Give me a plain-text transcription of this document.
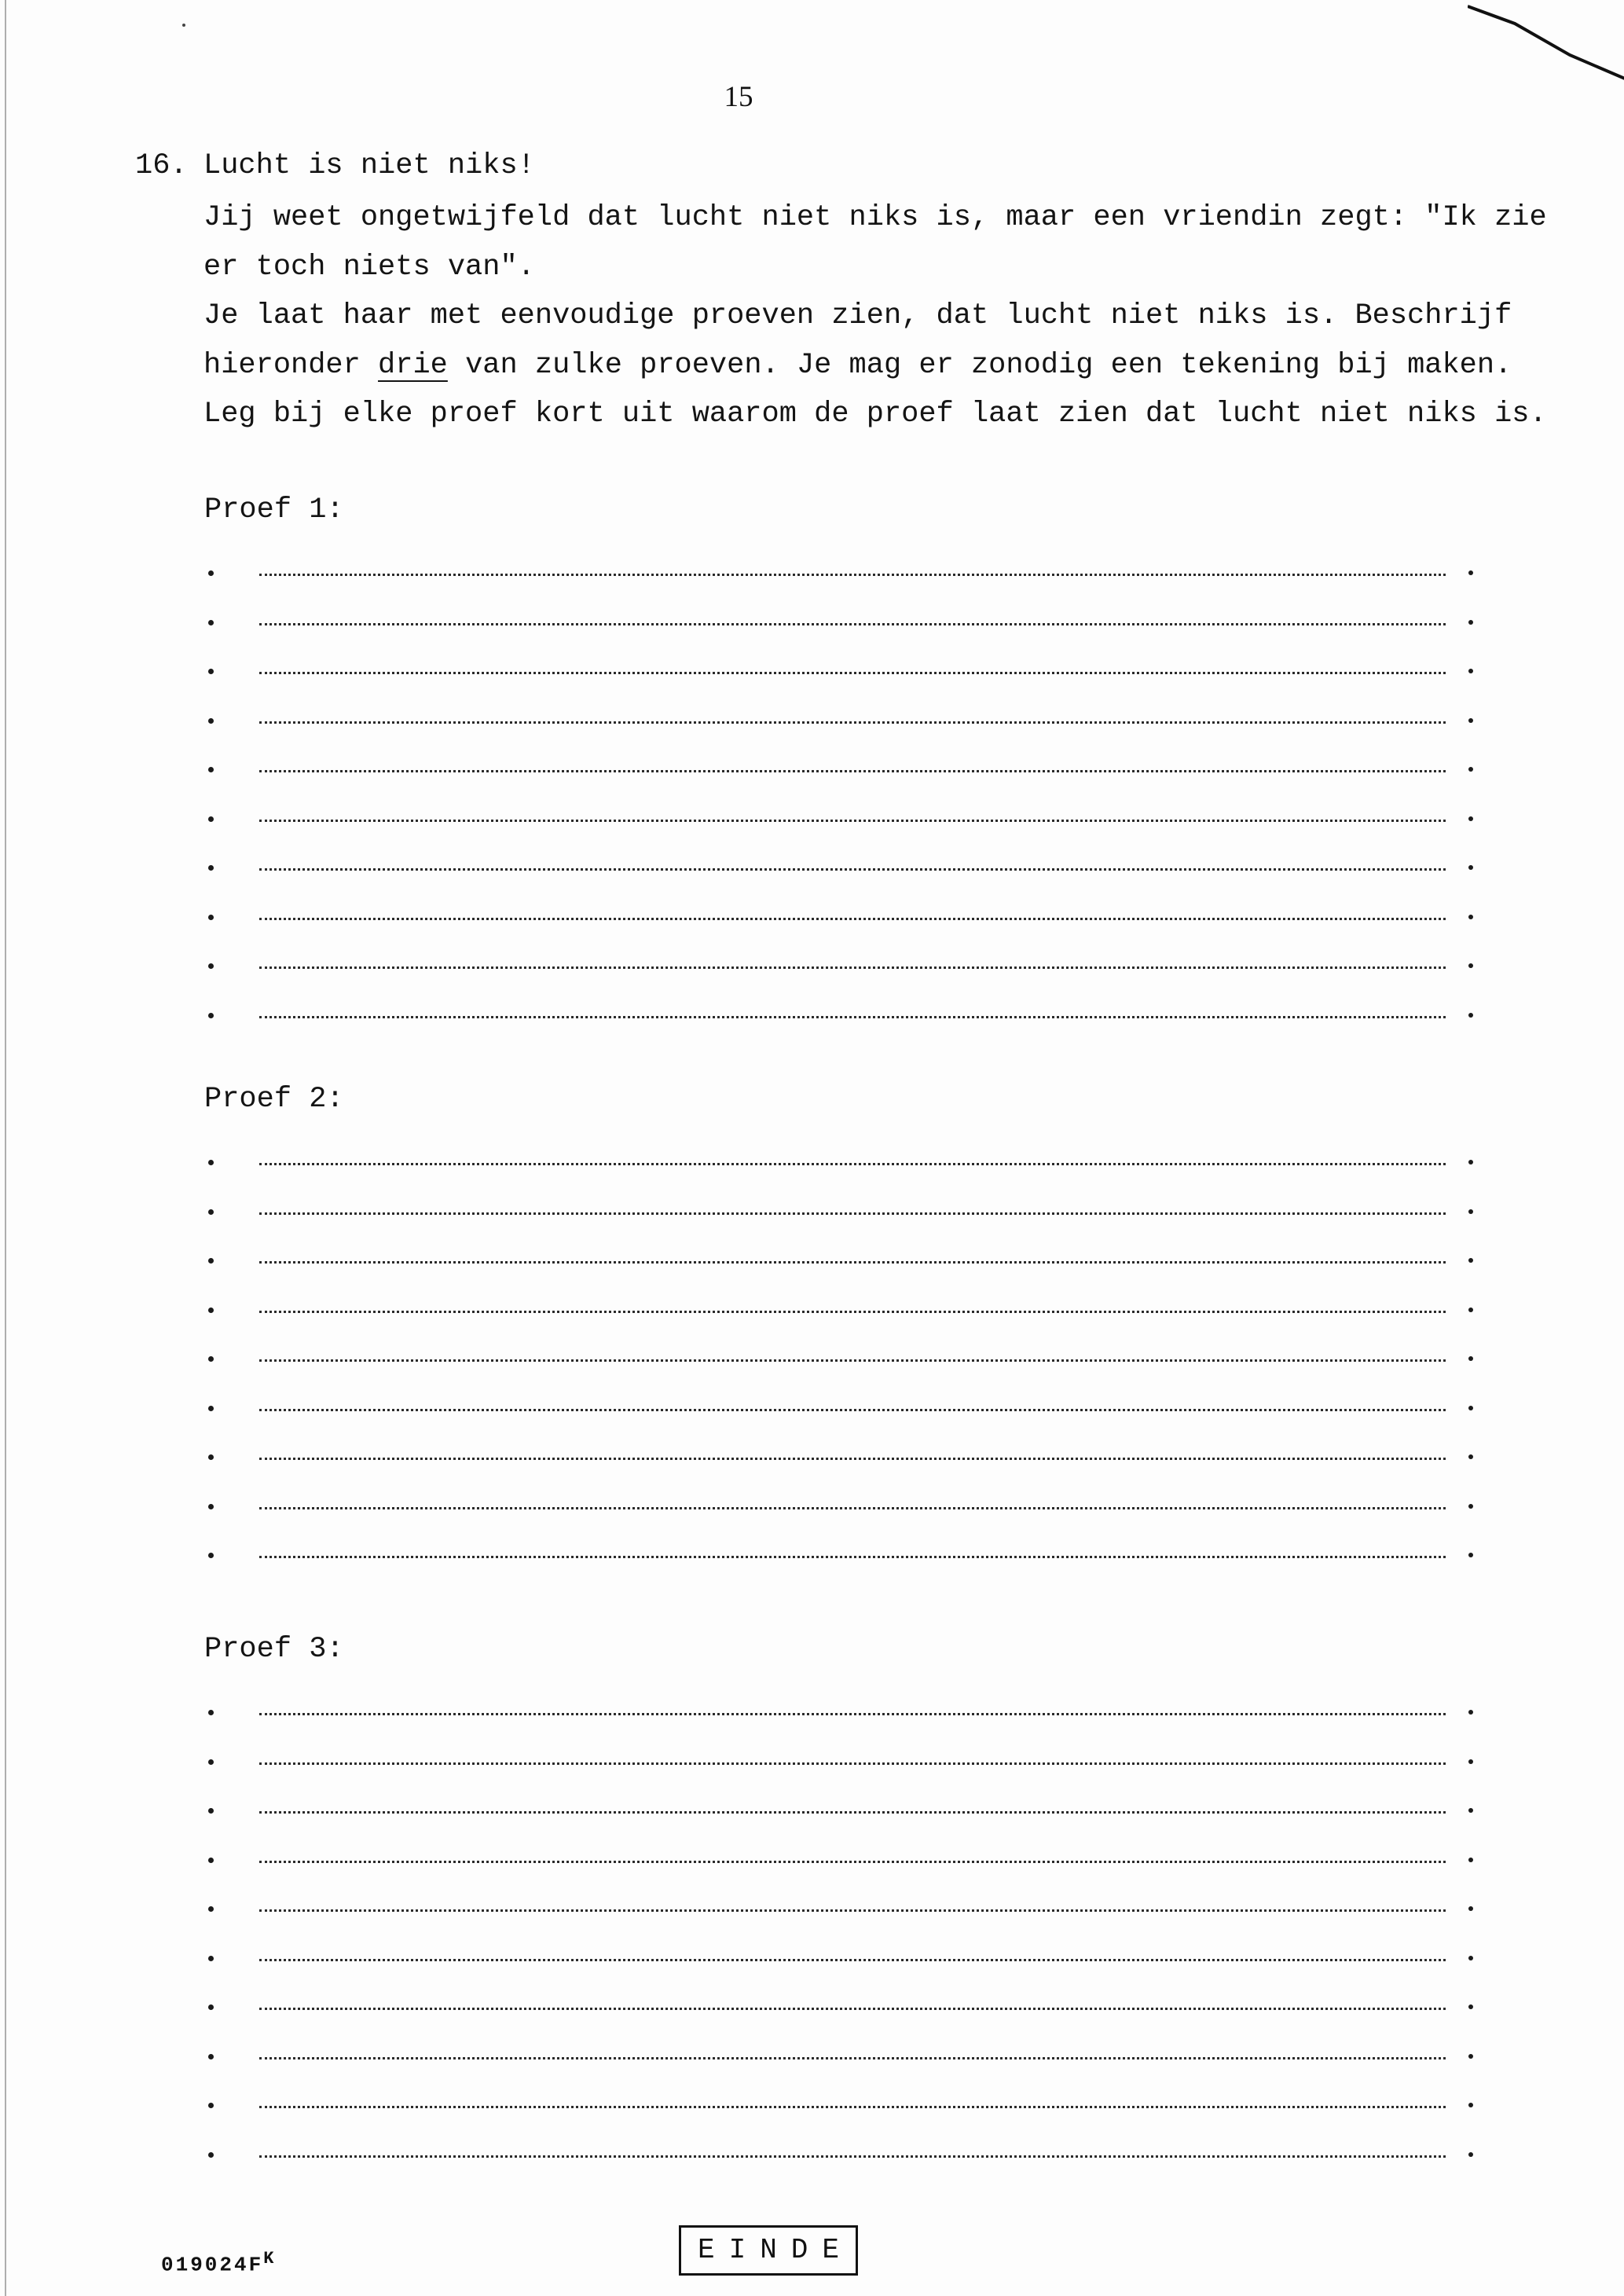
15
16. Lucht is niet niks!
Jij weet ongetwijfeld dat lucht niet niks is, maar een vriendin zegt: "Ik zie
er toch niets van".
Je laat haar met eenvoudige proeven zien, dat lucht niet niks is. Beschrijf
hieronder drie van zulke proeven. Je mag er zonodig een tekening bij maken.
Leg bij elke proef kort uit waarom de proef laat zien dat lucht niet niks is.
Proef 1:
Proef 2:
Proef 3:
$019024F^K$	EINDE
